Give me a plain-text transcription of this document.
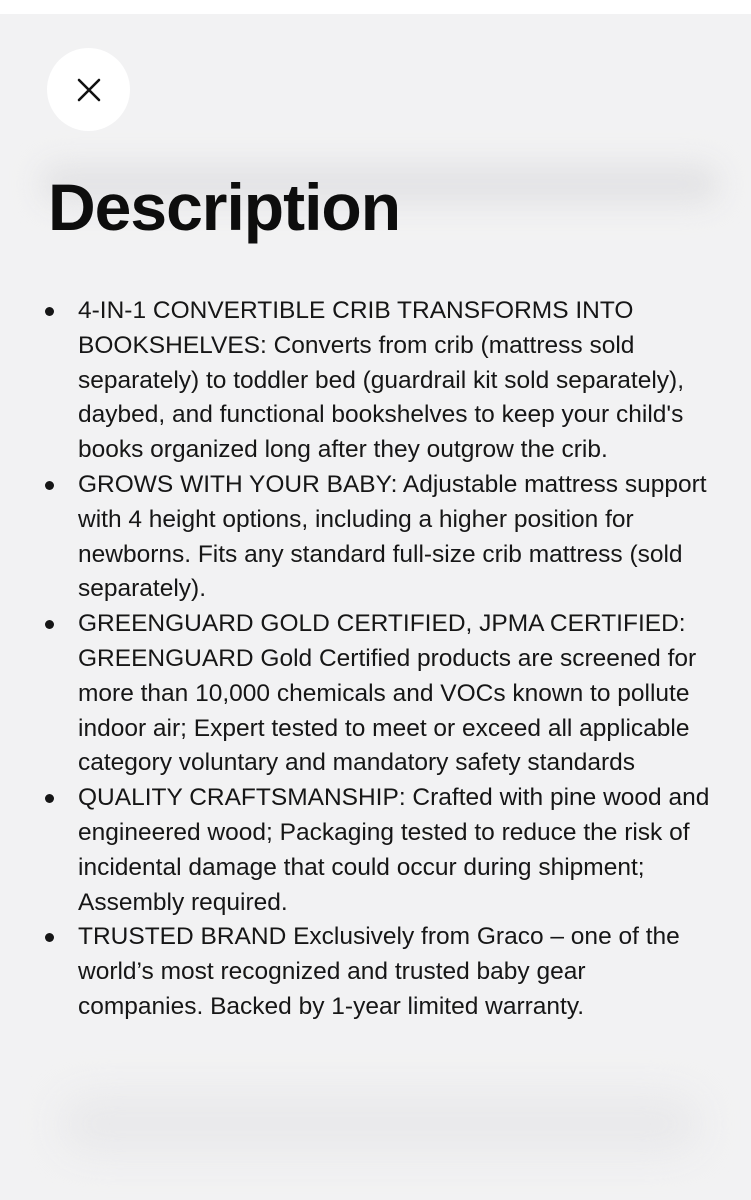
Description
4-IN-1 CONVERTIBLE CRIB TRANSFORMS INTO BOOKSHELVES: Converts from crib (mattress sold separately) to toddler bed (guardrail kit sold separately), daybed, and functional bookshelves to keep your child's books organized long after they outgrow the crib.
GROWS WITH YOUR BABY: Adjustable mattress support with 4 height options, including a higher position for newborns. Fits any standard full-size crib mattress (sold separately).
GREENGUARD GOLD CERTIFIED, JPMA CERTIFIED: GREENGUARD Gold Certified products are screened for more than 10,000 chemicals and VOCs known to pollute indoor air; Expert tested to meet or exceed all applicable category voluntary and mandatory safety standards
QUALITY CRAFTSMANSHIP: Crafted with pine wood and engineered wood; Packaging tested to reduce the risk of incidental damage that could occur during shipment; Assembly required.
TRUSTED BRAND Exclusively from Graco – one of the world’s most recognized and trusted baby gear companies. Backed by 1-year limited warranty.
